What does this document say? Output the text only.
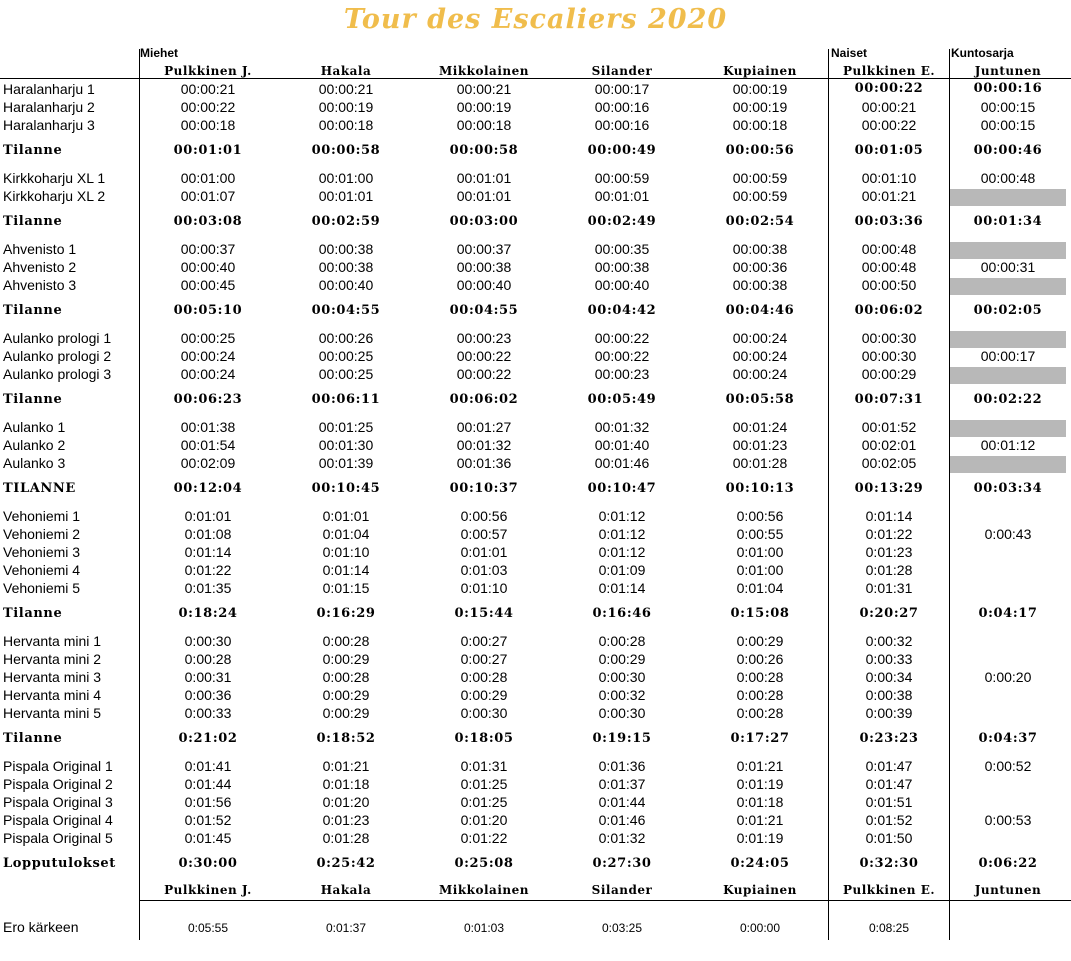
Tour des Escaliers 2020
Miehet	Naiset	Kuntosarja
Pulkkinen J.	Hakala	Mikkolainen	Silander	Kupiainen	Pulkkinen E.	Juntunen
Haralanharju 1	00:00:21	00:00:21	00:00:21	00:00:17	00:00:19	00:00:22	00:00:16
Haralanharju 2	00:00:22	00:00:19	00:00:19	00:00:16	00:00:19	00:00:21	00:00:15
Haralanharju 3	00:00:18	00:00:18	00:00:18	00:00:16	00:00:18	00:00:22	00:00:15
Tilanne	00:01:01	00:00:58	00:00:58	00:00:49	00:00:56	00:01:05	00:00:46
Kirkkoharju XL 1	00:01:00	00:01:00	00:01:01	00:00:59	00:00:59	00:01:10	00:00:48
Kirkkoharju XL 2	00:01:07	00:01:01	00:01:01	00:01:01	00:00:59	00:01:21
Tilanne	00:03:08	00:02:59	00:03:00	00:02:49	00:02:54	00:03:36	00:01:34
Ahvenisto 1	00:00:37	00:00:38	00:00:37	00:00:35	00:00:38	00:00:48
Ahvenisto 2	00:00:40	00:00:38	00:00:38	00:00:38	00:00:36	00:00:48	00:00:31
Ahvenisto 3	00:00:45	00:00:40	00:00:40	00:00:40	00:00:38	00:00:50
Tilanne	00:05:10	00:04:55	00:04:55	00:04:42	00:04:46	00:06:02	00:02:05
Aulanko prologi 1	00:00:25	00:00:26	00:00:23	00:00:22	00:00:24	00:00:30
Aulanko prologi 2	00:00:24	00:00:25	00:00:22	00:00:22	00:00:24	00:00:30	00:00:17
Aulanko prologi 3	00:00:24	00:00:25	00:00:22	00:00:23	00:00:24	00:00:29
Tilanne	00:06:23	00:06:11	00:06:02	00:05:49	00:05:58	00:07:31	00:02:22
Aulanko 1	00:01:38	00:01:25	00:01:27	00:01:32	00:01:24	00:01:52
Aulanko 2	00:01:54	00:01:30	00:01:32	00:01:40	00:01:23	00:02:01	00:01:12
Aulanko 3	00:02:09	00:01:39	00:01:36	00:01:46	00:01:28	00:02:05
TILANNE	00:12:04	00:10:45	00:10:37	00:10:47	00:10:13	00:13:29	00:03:34
Vehoniemi 1	0:01:01	0:01:01	0:00:56	0:01:12	0:00:56	0:01:14
Vehoniemi 2	0:01:08	0:01:04	0:00:57	0:01:12	0:00:55	0:01:22	0:00:43
Vehoniemi 3	0:01:14	0:01:10	0:01:01	0:01:12	0:01:00	0:01:23
Vehoniemi 4	0:01:22	0:01:14	0:01:03	0:01:09	0:01:00	0:01:28
Vehoniemi 5	0:01:35	0:01:15	0:01:10	0:01:14	0:01:04	0:01:31
Tilanne	0:18:24	0:16:29	0:15:44	0:16:46	0:15:08	0:20:27	0:04:17
Hervanta mini 1	0:00:30	0:00:28	0:00:27	0:00:28	0:00:29	0:00:32
Hervanta mini 2	0:00:28	0:00:29	0:00:27	0:00:29	0:00:26	0:00:33
Hervanta mini 3	0:00:31	0:00:28	0:00:28	0:00:30	0:00:28	0:00:34	0:00:20
Hervanta mini 4	0:00:36	0:00:29	0:00:29	0:00:32	0:00:28	0:00:38
Hervanta mini 5	0:00:33	0:00:29	0:00:30	0:00:30	0:00:28	0:00:39
Tilanne	0:21:02	0:18:52	0:18:05	0:19:15	0:17:27	0:23:23	0:04:37
Pispala Original 1	0:01:41	0:01:21	0:01:31	0:01:36	0:01:21	0:01:47	0:00:52
Pispala Original 2	0:01:44	0:01:18	0:01:25	0:01:37	0:01:19	0:01:47
Pispala Original 3	0:01:56	0:01:20	0:01:25	0:01:44	0:01:18	0:01:51
Pispala Original 4	0:01:52	0:01:23	0:01:20	0:01:46	0:01:21	0:01:52	0:00:53
Pispala Original 5	0:01:45	0:01:28	0:01:22	0:01:32	0:01:19	0:01:50
Lopputulokset	0:30:00	0:25:42	0:25:08	0:27:30	0:24:05	0:32:30	0:06:22
Pulkkinen J.	Hakala	Mikkolainen	Silander	Kupiainen	Pulkkinen E.	Juntunen
Ero kärkeen	0:05:55	0:01:37	0:01:03	0:03:25	0:00:00	0:08:25
